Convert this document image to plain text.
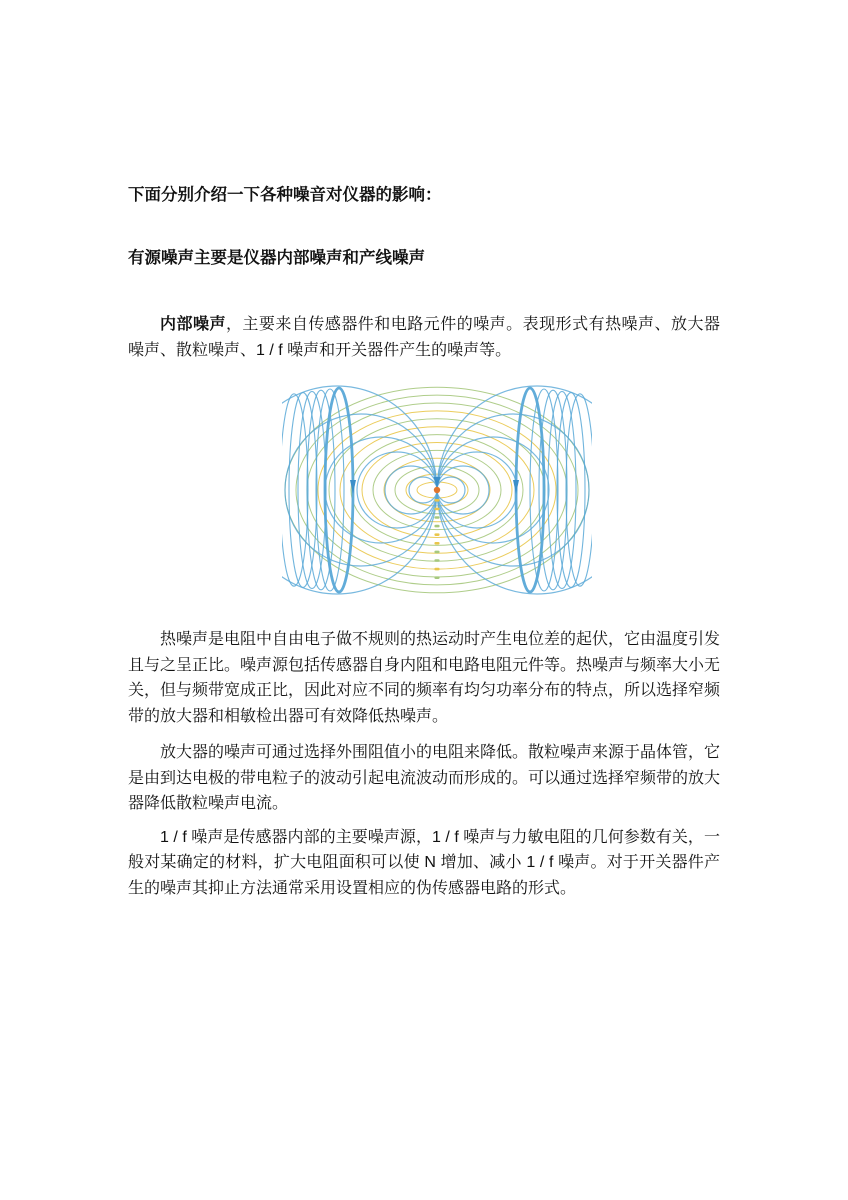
下面分别介绍一下各种噪音对仪器的影响：

有源噪声主要是仪器内部噪声和产线噪声

内部噪声，主要来自传感器件和电路元件的噪声。表现形式有热噪声、放大器噪声、散粒噪声、1 / f 噪声和开关器件产生的噪声等。

热噪声是电阻中自由电子做不规则的热运动时产生电位差的起伏，它由温度引发且与之呈正比。噪声源包括传感器自身内阻和电路电阻元件等。热噪声与频率大小无关，但与频带宽成正比，因此对应不同的频率有均匀功率分布的特点，所以选择窄频带的放大器和相敏检出器可有效降低热噪声。

放大器的噪声可通过选择外围阻值小的电阻来降低。散粒噪声来源于晶体管，它是由到达电极的带电粒子的波动引起电流波动而形成的。可以通过选择窄频带的放大器降低散粒噪声电流。

1 / f 噪声是传感器内部的主要噪声源，1 / f 噪声与力敏电阻的几何参数有关，一般对某确定的材料，扩大电阻面积可以使 N 增加、减小 1 / f 噪声。对于开关器件产生的噪声其抑止方法通常采用设置相应的伪传感器电路的形式。
